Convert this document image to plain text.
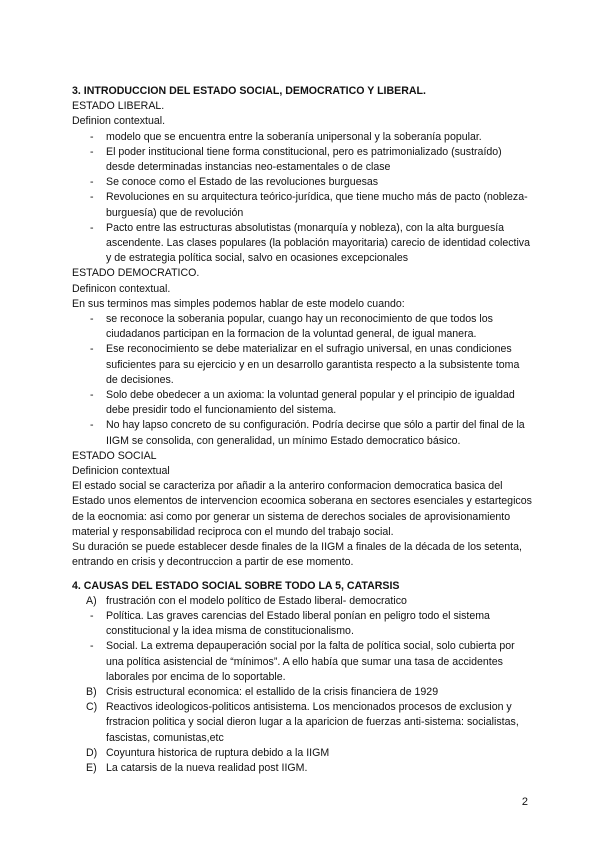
3. INTRODUCCION DEL ESTADO SOCIAL, DEMOCRATICO Y LIBERAL.

ESTADO LIBERAL.

Definion contextual.

- modelo que se encuentra entre la soberanía unipersonal y la soberanía popular.
- El poder institucional tiene forma constitucional, pero es patrimonializado (sustraído) desde determinadas instancias neo-estamentales o de clase
- Se conoce como el Estado de las revoluciones burguesas
- Revoluciones en su arquitectura teórico-jurídica, que tiene mucho más de pacto (nobleza-burguesía) que de revolución
- Pacto entre las estructuras absolutistas (monarquía y nobleza), con la alta burguesía ascendente. Las clases populares (la población mayoritaria) carecio de identidad colectiva y de estrategia política social, salvo en ocasiones excepcionales

ESTADO DEMOCRATICO.

Definicon contextual.

En sus terminos mas simples podemos hablar de este modelo cuando:

- se reconoce la soberania popular, cuango hay un reconocimiento de que todos los ciudadanos participan en la formacion de la voluntad general, de igual manera.
- Ese reconocimiento se debe materializar en el sufragio universal, en unas condiciones suficientes para su ejercicio y en un desarrollo garantista respecto a la subsistente toma de decisiones.
- Solo debe obedecer a un axioma: la voluntad general popular y el principio de igualdad debe presidir todo el funcionamiento del sistema.
- No hay lapso concreto de su configuración. Podría decirse que sólo a partir del final de la IIGM se consolida, con generalidad, un mínimo Estado democratico básico.

ESTADO SOCIAL

Definicion contextual

El estado social se caracteriza por añadir a la anteriro conformacion democratica basica del Estado unos elementos de intervencion ecoomica soberana en sectores esenciales y estartegicos de la eocnomia: asi como por generar un sistema de derechos sociales de aprovisionamiento material y responsabilidad reciproca con el mundo del trabajo social.

Su duración se puede establecer desde finales de la IIGM a finales de la década de los setenta, entrando en crisis y decontruccion a partir de ese momento.

4. CAUSAS DEL ESTADO SOCIAL SOBRE TODO LA 5, CATARSIS

A) frustración con el modelo político de Estado liberal- democratico
- Política. Las graves carencias del Estado liberal ponían en peligro todo el sistema constitucional y la idea misma de constitucionalismo.
- Social. La extrema depauperación social por la falta de política social, solo cubierta por una política asistencial de “mínimos”. A ello había que sumar una tasa de accidentes laborales por encima de lo soportable.
B) Crisis estructural economica: el estallido de la crisis financiera de 1929
C) Reactivos ideologicos-politicos antisistema. Los mencionados procesos de exclusion y frstracion politica y social dieron lugar a la aparicion de fuerzas anti-sistema: socialistas, fascistas, comunistas,etc
D) Coyuntura historica de ruptura debido a la IIGM
E) La catarsis de la nueva realidad post IIGM.
2
